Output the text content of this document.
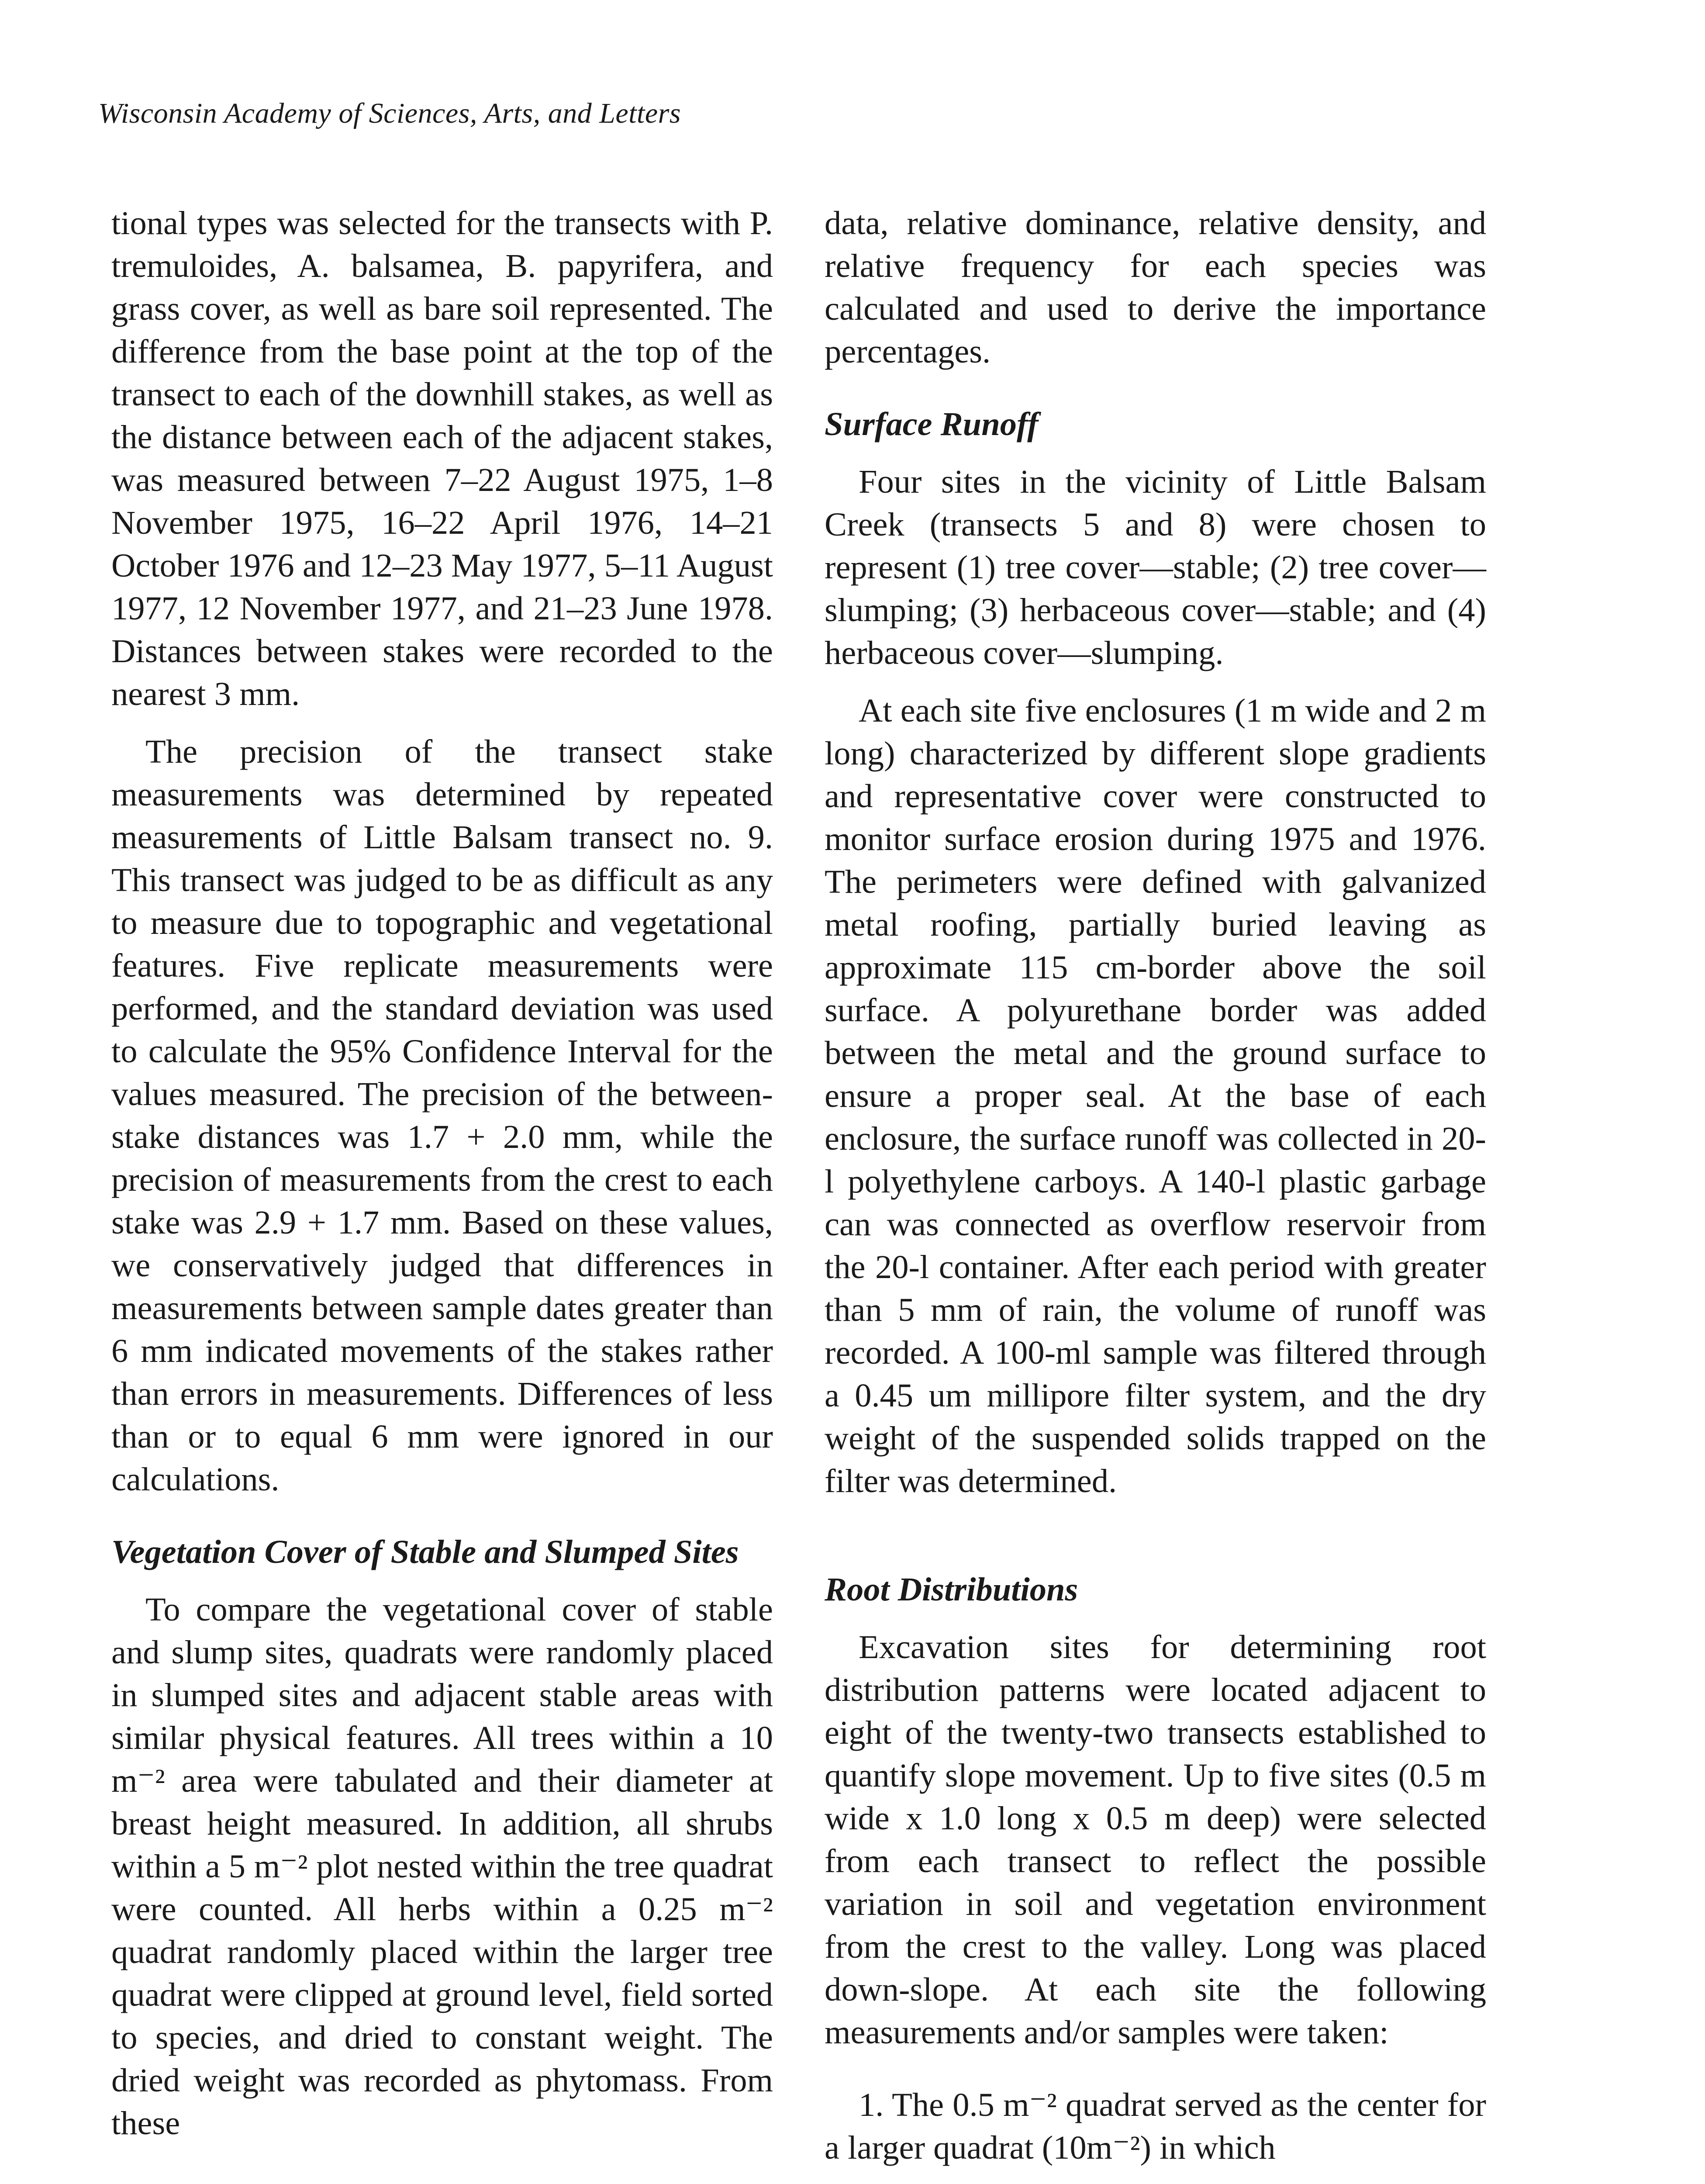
Wisconsin Academy of Sciences, Arts, and Letters

tional types was selected for the transects with P. tremuloides, A. balsamea, B. papyrifera, and grass cover, as well as bare soil represented. The difference from the base point at the top of the transect to each of the downhill stakes, as well as the distance between each of the adjacent stakes, was measured between 7–22 August 1975, 1–8 November 1975, 16–22 April 1976, 14–21 October 1976 and 12–23 May 1977, 5–11 August 1977, 12 November 1977, and 21–23 June 1978. Distances between stakes were recorded to the nearest 3 mm.

The precision of the transect stake measurements was determined by repeated measurements of Little Balsam transect no. 9. This transect was judged to be as difficult as any to measure due to topographic and vegetational features. Five replicate measurements were performed, and the standard deviation was used to calculate the 95% Confidence Interval for the values measured. The precision of the between-stake distances was 1.7 + 2.0 mm, while the precision of measurements from the crest to each stake was 2.9 + 1.7 mm. Based on these values, we conservatively judged that differences in measurements between sample dates greater than 6 mm indicated movements of the stakes rather than errors in measurements. Differences of less than or to equal 6 mm were ignored in our calculations.

Vegetation Cover of Stable and Slumped Sites

To compare the vegetational cover of stable and slump sites, quadrats were randomly placed in slumped sites and adjacent stable areas with similar physical features. All trees within a 10 m⁻² area were tabulated and their diameter at breast height measured. In addition, all shrubs within a 5 m⁻² plot nested within the tree quadrat were counted. All herbs within a 0.25 m⁻² quadrat randomly placed within the larger tree quadrat were clipped at ground level, field sorted to species, and dried to constant weight. The dried weight was recorded as phytomass. From these

data, relative dominance, relative density, and relative frequency for each species was calculated and used to derive the importance percentages.

Surface Runoff

Four sites in the vicinity of Little Balsam Creek (transects 5 and 8) were chosen to represent (1) tree cover—stable; (2) tree cover—slumping; (3) herbaceous cover—stable; and (4) herbaceous cover—slumping.

At each site five enclosures (1 m wide and 2 m long) characterized by different slope gradients and representative cover were constructed to monitor surface erosion during 1975 and 1976. The perimeters were defined with galvanized metal roofing, partially buried leaving as approximate 115 cm-border above the soil surface. A polyurethane border was added between the metal and the ground surface to ensure a proper seal. At the base of each enclosure, the surface runoff was collected in 20-l polyethylene carboys. A 140-l plastic garbage can was connected as overflow reservoir from the 20-l container. After each period with greater than 5 mm of rain, the volume of runoff was recorded. A 100-ml sample was filtered through a 0.45 um millipore filter system, and the dry weight of the suspended solids trapped on the filter was determined.

Root Distributions

Excavation sites for determining root distribution patterns were located adjacent to eight of the twenty-two transects established to quantify slope movement. Up to five sites (0.5 m wide x 1.0 long x 0.5 m deep) were selected from each transect to reflect the possible variation in soil and vegetation environment from the crest to the valley. Long was placed down-slope. At each site the following measurements and/or samples were taken:

1. The 0.5 m⁻² quadrat served as the center for a larger quadrat (10m⁻²) in which
